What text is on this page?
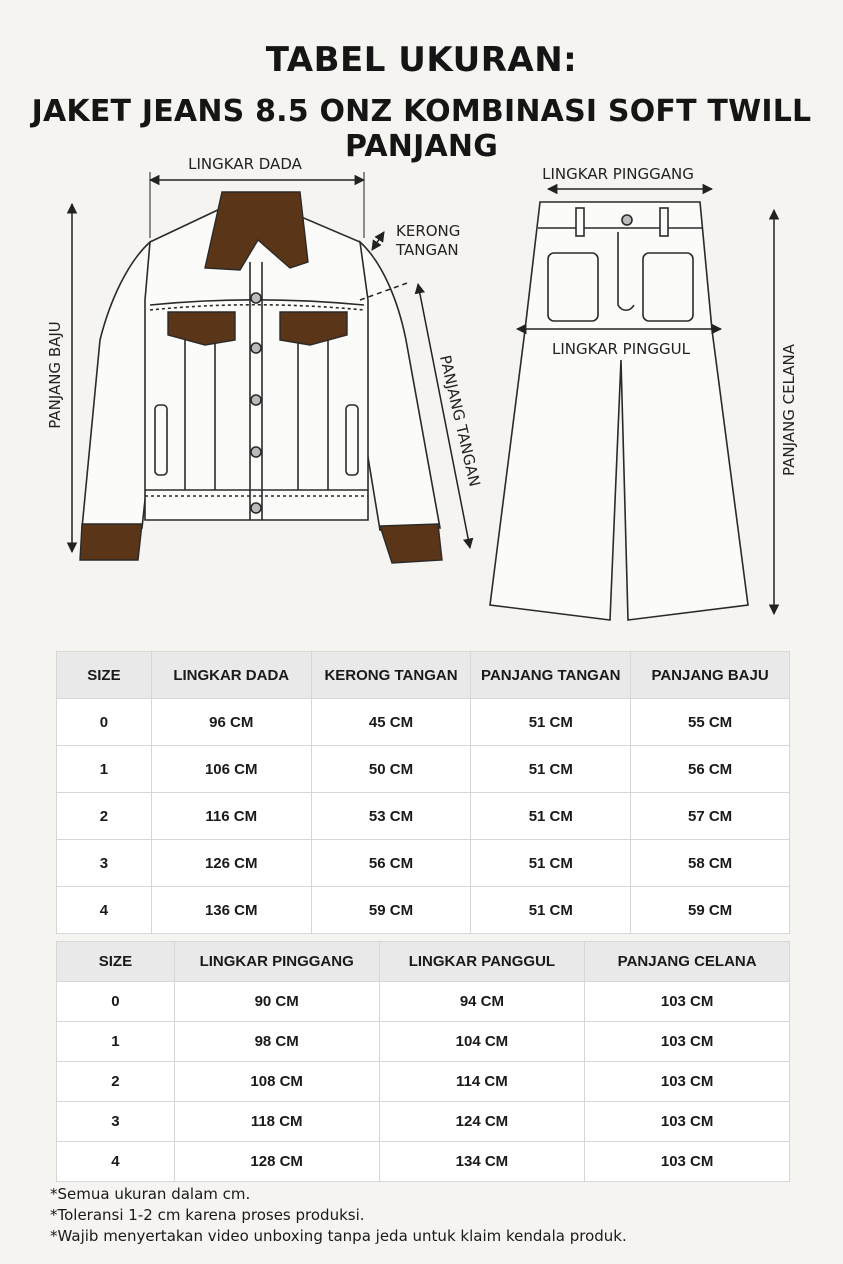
TABEL UKURAN:
JAKET JEANS 8.5 ONZ KOMBINASI SOFT TWILL PANJANG
LINGKAR DADA
KERONG
TANGAN
PANJANG BAJU	PANJANG TANGAN
LINGKAR PINGGANG
LINGKAR PINGGUL	PANJANG CELANA
SIZE	LINGKAR DADA	KERONG TANGAN	PANJANG TANGAN	PANJANG BAJU
0	96 CM	45 CM	51 CM	55 CM
1	106 CM	50 CM	51 CM	56 CM
2	116 CM	53 CM	51 CM	57 CM
3	126 CM	56 CM	51 CM	58 CM
4	136 CM	59 CM	51 CM	59 CM
SIZE	LINGKAR PINGGANG	LINGKAR PANGGUL	PANJANG CELANA
0	90 CM	94 CM	103 CM
1	98 CM	104 CM	103 CM
2	108 CM	114 CM	103 CM
3	118 CM	124 CM	103 CM
4	128 CM	134 CM	103 CM
*Semua ukuran dalam cm.
*Toleransi 1-2 cm karena proses produksi.
*Wajib menyertakan video unboxing tanpa jeda untuk klaim kendala produk.
